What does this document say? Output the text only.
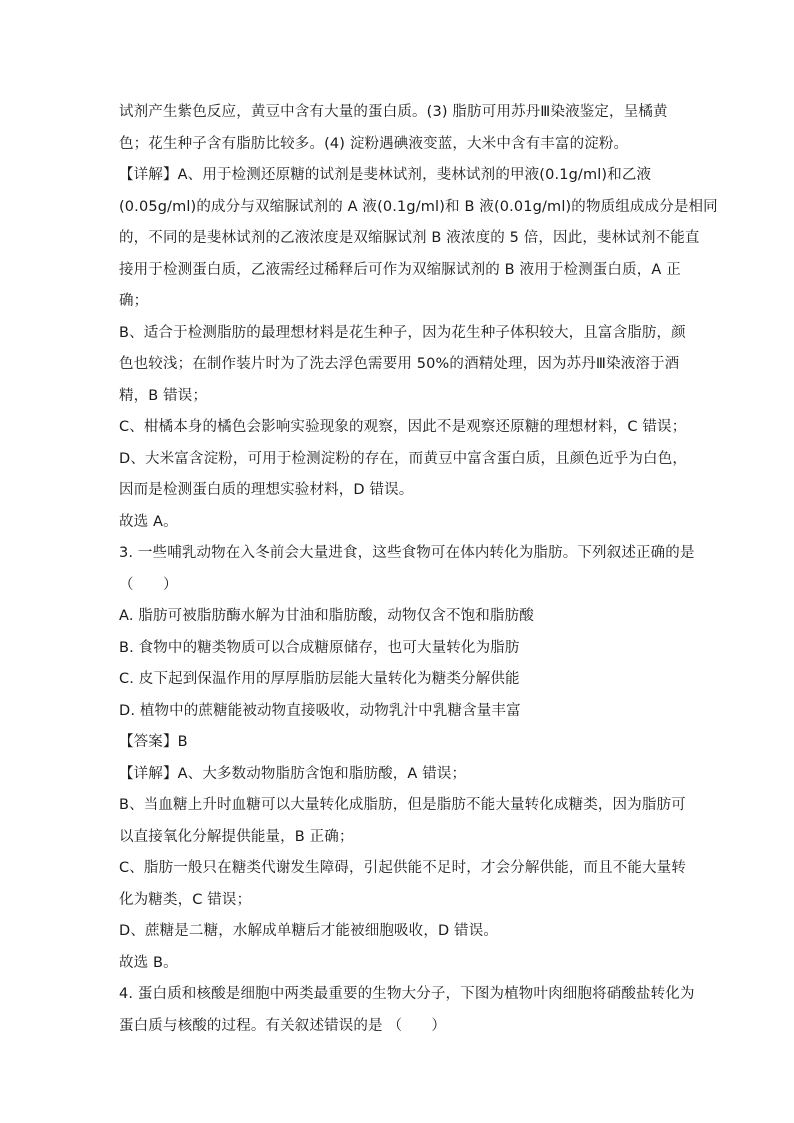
试剂产生紫色反应，黄豆中含有大量的蛋白质。(3) 脂肪可用苏丹Ⅲ染液鉴定，呈橘黄
色；花生种子含有脂肪比较多。(4) 淀粉遇碘液变蓝，大米中含有丰富的淀粉。
【详解】A、用于检测还原糖的试剂是斐林试剂，斐林试剂的甲液(0.1g/ml)和乙液
(0.05g/ml)的成分与双缩脲试剂的 A 液(0.1g/ml)和 B 液(0.01g/ml)的物质组成成分是相同
的，不同的是斐林试剂的乙液浓度是双缩脲试剂 B 液浓度的 5 倍，因此，斐林试剂不能直
接用于检测蛋白质，乙液需经过稀释后可作为双缩脲试剂的 B 液用于检测蛋白质，A 正
确；
B、适合于检测脂肪的最理想材料是花生种子，因为花生种子体积较大，且富含脂肪，颜
色也较浅；在制作装片时为了洗去浮色需要用 50%的酒精处理，因为苏丹Ⅲ染液溶于酒
精，B 错误；
C、柑橘本身的橘色会影响实验现象的观察，因此不是观察还原糖的理想材料，C 错误；
D、大米富含淀粉，可用于检测淀粉的存在，而黄豆中富含蛋白质，且颜色近乎为白色，
因而是检测蛋白质的理想实验材料，D 错误。
故选 A。
3. 一些哺乳动物在入冬前会大量进食，这些食物可在体内转化为脂肪。下列叙述正确的是
（　　）
A. 脂肪可被脂肪酶水解为甘油和脂肪酸，动物仅含不饱和脂肪酸
B. 食物中的糖类物质可以合成糖原储存，也可大量转化为脂肪
C. 皮下起到保温作用的厚厚脂肪层能大量转化为糖类分解供能
D. 植物中的蔗糖能被动物直接吸收，动物乳汁中乳糖含量丰富
【答案】B
【详解】A、大多数动物脂肪含饱和脂肪酸，A 错误；
B、当血糖上升时血糖可以大量转化成脂肪，但是脂肪不能大量转化成糖类，因为脂肪可
以直接氧化分解提供能量，B 正确；
C、脂肪一般只在糖类代谢发生障碍，引起供能不足时，才会分解供能，而且不能大量转
化为糖类，C 错误；
D、蔗糖是二糖，水解成单糖后才能被细胞吸收，D 错误。
故选 B。
4. 蛋白质和核酸是细胞中两类最重要的生物大分子，下图为植物叶肉细胞将硝酸盐转化为
蛋白质与核酸的过程。有关叙述错误的是 （　　）
